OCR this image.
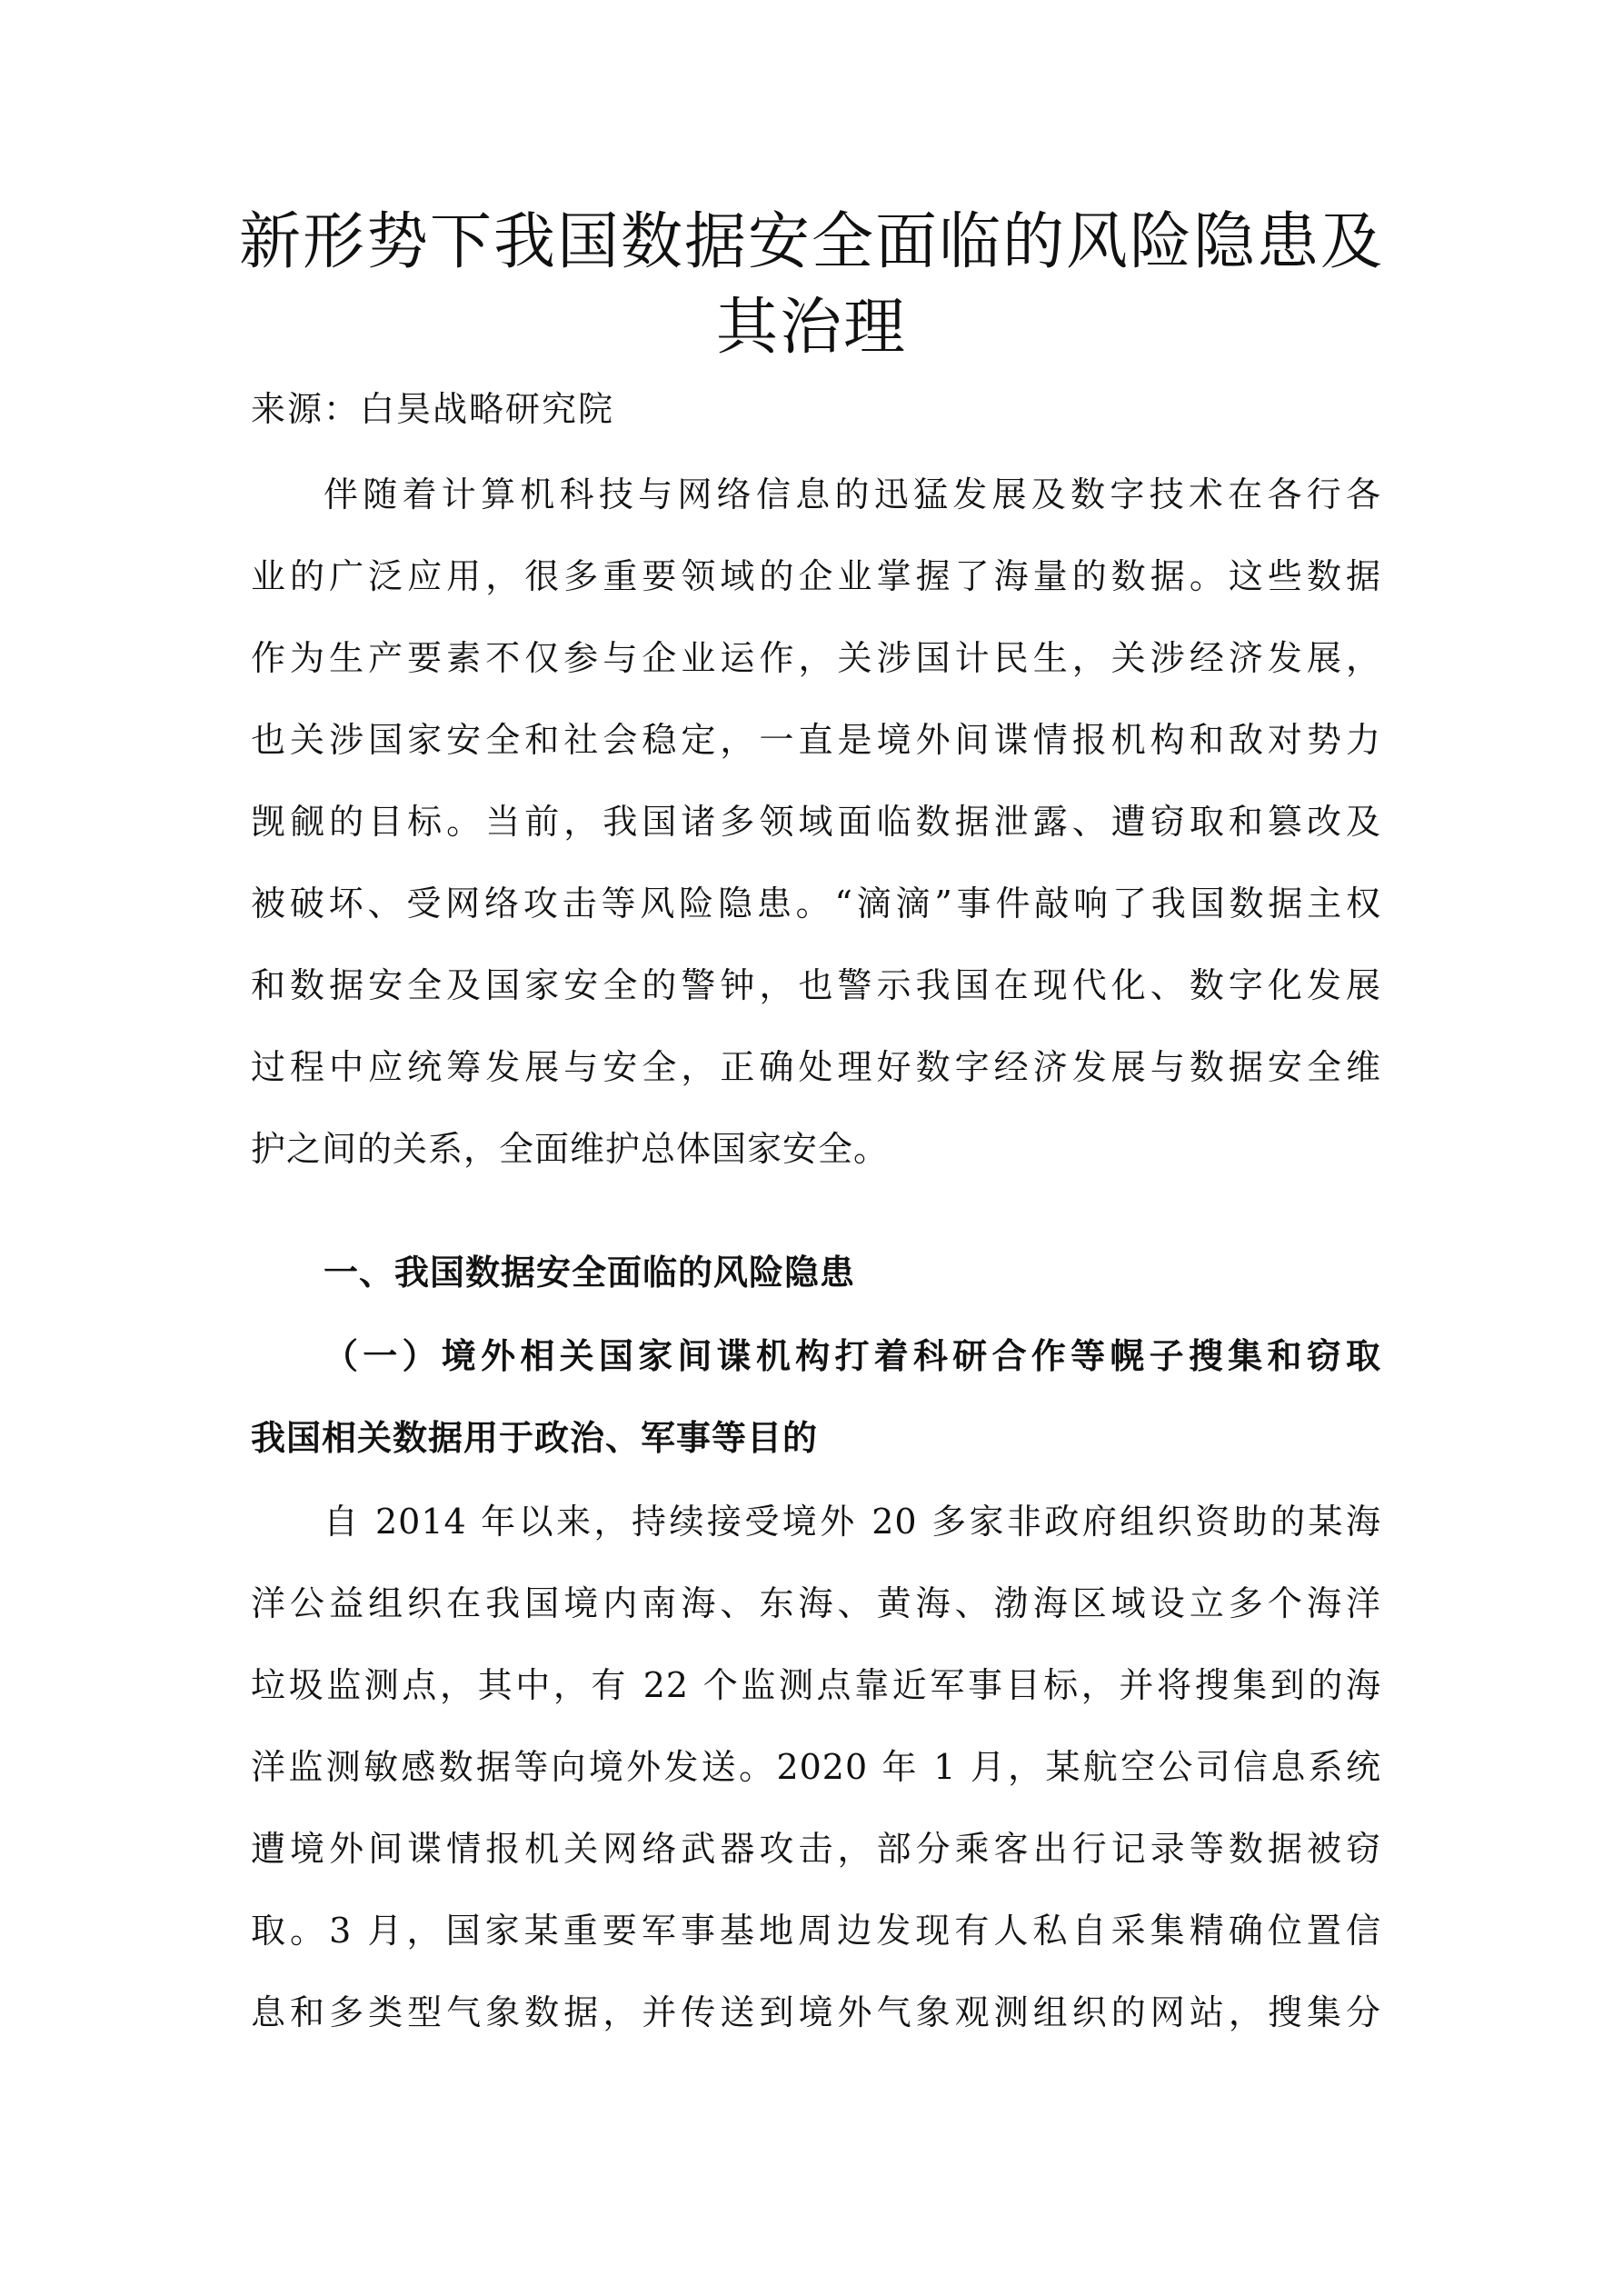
新形势下我国数据安全面临的风险隐患及
其治理

来源：白昊战略研究院

伴随着计算机科技与网络信息的迅猛发展及数字技术在各行各

业的广泛应用，很多重要领域的企业掌握了海量的数据。这些数据

作为生产要素不仅参与企业运作，关涉国计民生，关涉经济发展，

也关涉国家安全和社会稳定，一直是境外间谍情报机构和敌对势力

觊觎的目标。当前，我国诸多领域面临数据泄露、遭窃取和篡改及

被破坏、受网络攻击等风险隐患。“滴滴”事件敲响了我国数据主权

和数据安全及国家安全的警钟，也警示我国在现代化、数字化发展

过程中应统筹发展与安全，正确处理好数字经济发展与数据安全维

护之间的关系，全面维护总体国家安全。

一、我国数据安全面临的风险隐患

（一）境外相关国家间谍机构打着科研合作等幌子搜集和窃取

我国相关数据用于政治、军事等目的

自 2014 年以来，持续接受境外 20 多家非政府组织资助的某海

洋公益组织在我国境内南海、东海、黄海、渤海区域设立多个海洋

垃圾监测点，其中，有 22 个监测点靠近军事目标，并将搜集到的海

洋监测敏感数据等向境外发送。2020 年 1 月，某航空公司信息系统

遭境外间谍情报机关网络武器攻击，部分乘客出行记录等数据被窃

取。3 月，国家某重要军事基地周边发现有人私自采集精确位置信

息和多类型气象数据，并传送到境外气象观测组织的网站，搜集分
